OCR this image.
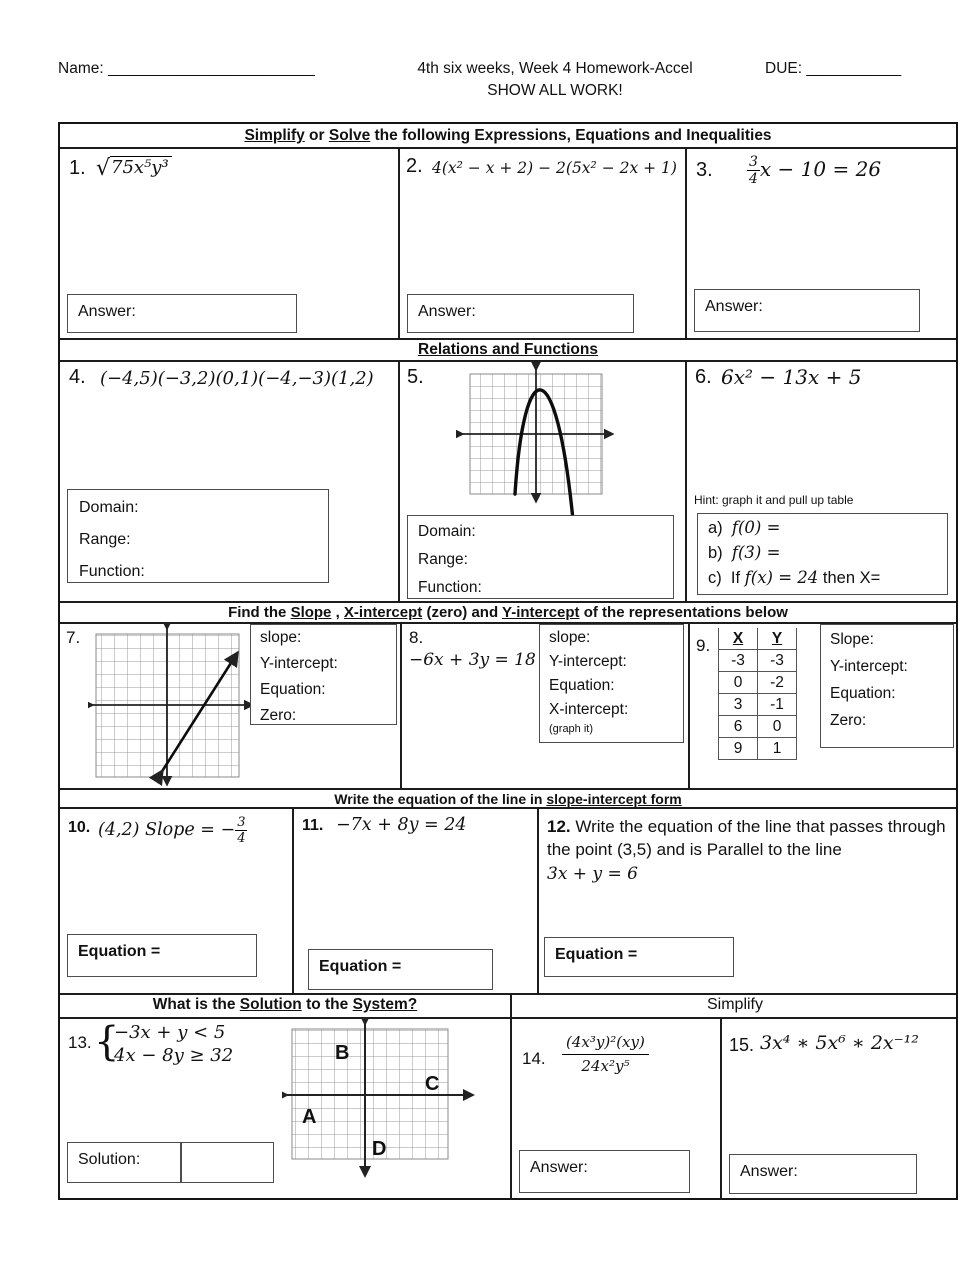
Name: ________________________	4th six weeks, Week 4 Homework-Accel
SHOW ALL WORK!
DUE: ___________
Simplify or Solve the following Expressions, Equations and Inequalities
1. √75x⁵y³
Answer:
2. 4(x² − x + 2) − 2(5x² − 2x + 1)
Answer:
3. $\frac{3}{4}$ x − 10 = 26
Answer:
Relations and Functions
4. (−4,5)(−3,2)(0,1)(−4,−3)(1,2)
Domain:
Range:
Function:
5.
Domain:
Range:
Function:
6. 6x² − 13x + 5
Hint: graph it and pull up table
a) f(0) =
b) f(3) =
c) If f(x) = 24 then X=
Find the Slope , X-intercept (zero) and Y-intercept of the representations below
7.	slope:
Y-intercept:
Equation:
Zero:
8.
−6x + 3y = 18
slope:
Y-intercept:
Equation:
X-intercept:
(graph it)
9. X	Y
-3	-3
0	-2
3	-1
6	0
9	1
Slope:
Y-intercept:
Equation:
Zero:
Write the equation of the line in slope-intercept form
10. (4,2) Slope = − $\frac{3}{4}$
Equation =
11. −7x + 8y = 24
Equation =
12. Write the equation of the line that passes through the point (3,5) and is Parallel to the line
3x + y = 6
Equation =
What is the Solution to the System?	Simplify
13. {
−3x + y < 5
4x − 8y ≥ 32	B
C
A
D
Solution:
14. $\frac{\text{(4x³y)²(xy)}}{\text{24x²y⁵}}$
Answer:
15. 3x⁴ ∗ 5x⁶ ∗ 2x⁻¹²
Answer:
